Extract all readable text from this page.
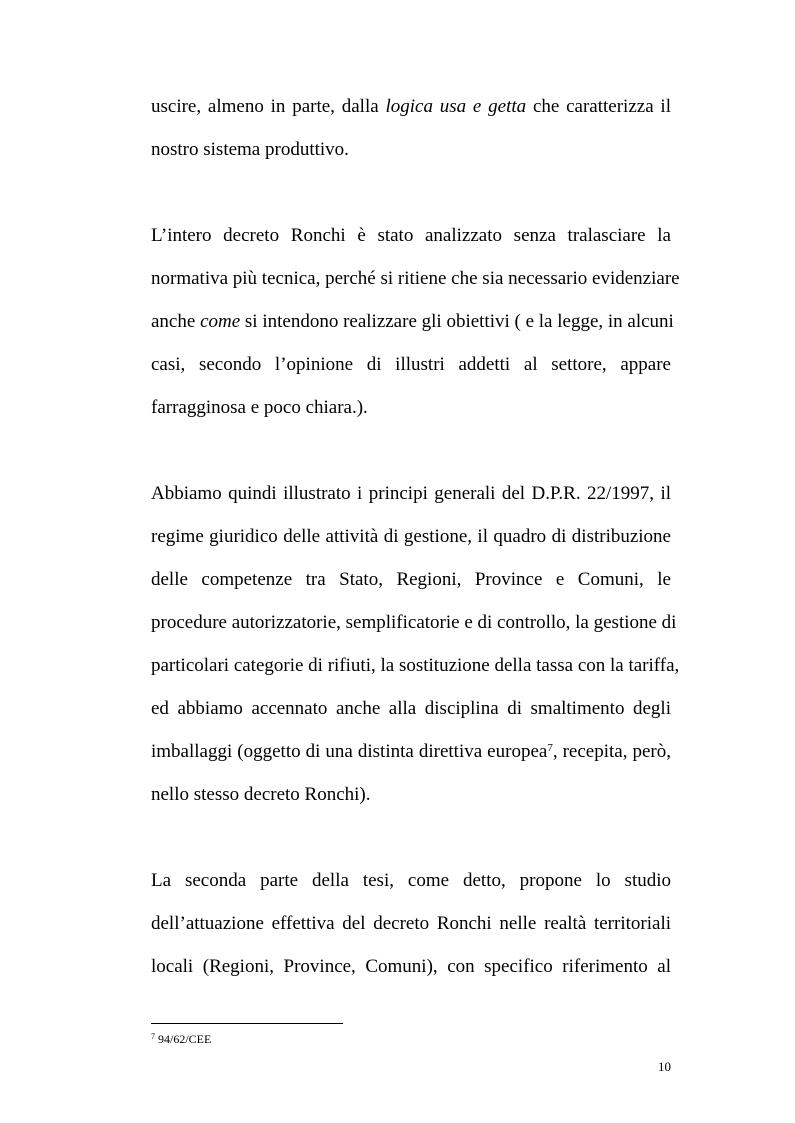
uscire, almeno in parte, dalla logica usa e getta che caratterizza il
nostro sistema produttivo.
L’intero decreto Ronchi è stato analizzato senza tralasciare la
normativa più tecnica, perché si ritiene che sia necessario evidenziare
anche come si intendono realizzare gli obiettivi ( e la legge, in alcuni
casi, secondo l’opinione di illustri addetti al settore, appare
farragginosa e poco chiara.).
Abbiamo quindi illustrato i principi generali del D.P.R. 22/1997, il
regime giuridico delle attività di gestione, il quadro di distribuzione
delle competenze tra Stato, Regioni, Province e Comuni, le
procedure autorizzatorie, semplificatorie e di controllo, la gestione di
particolari categorie di rifiuti, la sostituzione della tassa con la tariffa,
ed abbiamo accennato anche alla disciplina di smaltimento degli
imballaggi (oggetto di una distinta direttiva europea$^7$, recepita, però,
nello stesso decreto Ronchi).
La seconda parte della tesi, come detto, propone lo studio
dell’attuazione effettiva del decreto Ronchi nelle realtà territoriali
locali (Regioni, Province, Comuni), con specifico riferimento al
$^7$ 94/62/CEE
10
